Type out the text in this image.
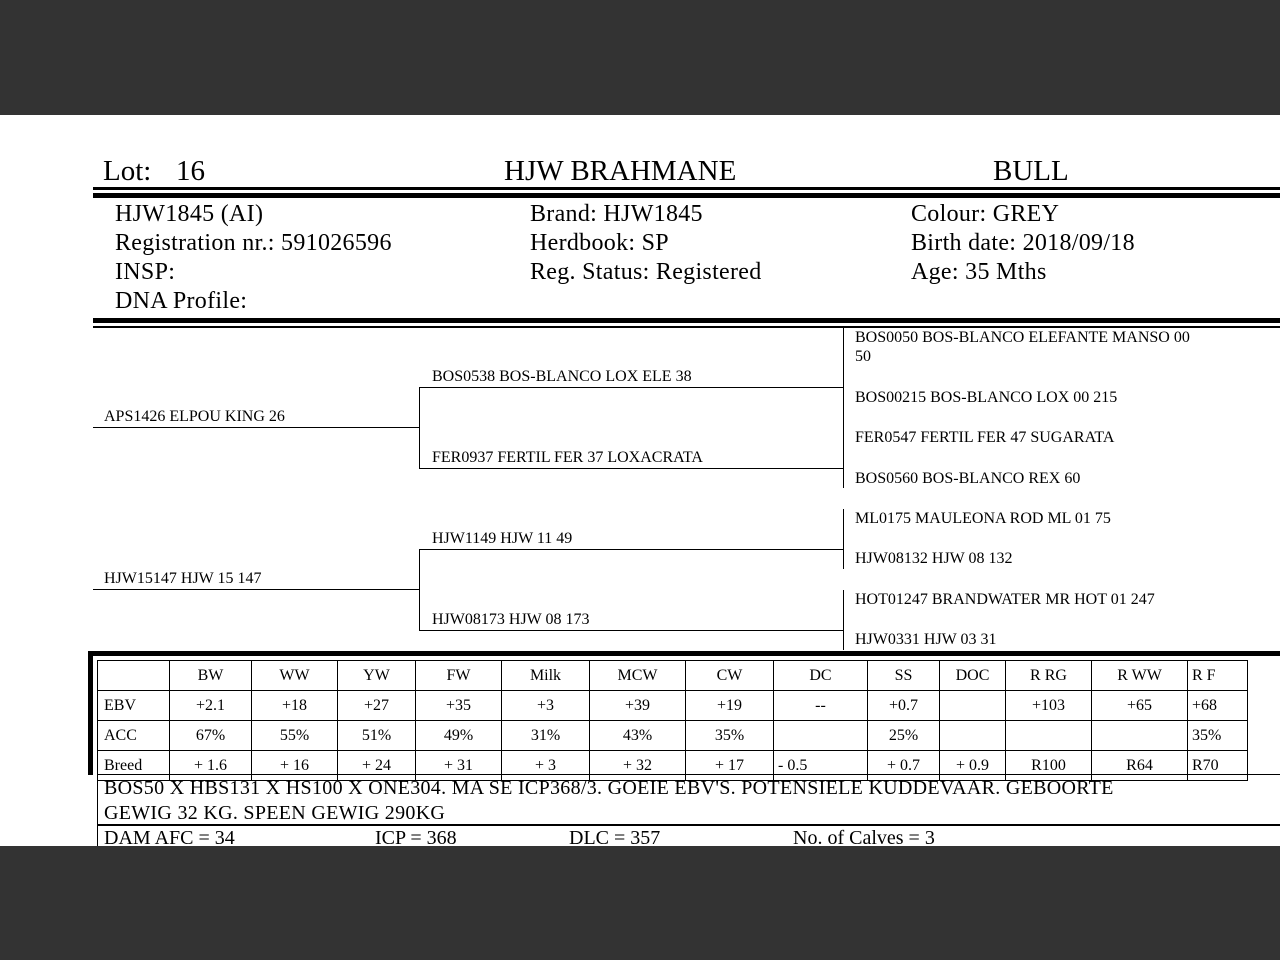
Lot: 16	HJW BRAHMANE	BULL
HJW1845 (AI)
Registration nr.: 591026596
INSP:
DNA Profile:
Brand: HJW1845
Herdbook: SP
Reg. Status: Registered
Colour: GREY
Birth date: 2018/09/18
Age: 35 Mths
APS1426 ELPOU KING 26
HJW15147 HJW 15 147
BOS0538 BOS-BLANCO LOX ELE 38
FER0937 FERTIL FER 37 LOXACRATA
HJW1149 HJW 11 49
HJW08173 HJW 08 173
BOS0050 BOS-BLANCO ELEFANTE MANSO 00
50
BOS00215 BOS-BLANCO LOX 00 215
FER0547 FERTIL FER 47 SUGARATA
BOS0560 BOS-BLANCO REX 60
ML0175 MAULEONA ROD ML 01 75
HJW08132 HJW 08 132
HOT01247 BRANDWATER MR HOT 01 247
HJW0331 HJW 03 31
	BW	WW	YW	FW	Milk	MCW	CW	DC	SS	DOC	R RG	R WW	R F
EBV	+2.1	+18	+27	+35	+3	+39	+19	--	+0.7		+103	+65	+68
ACC	67%	55%	51%	49%	31%	43%	35%		25%				35%
Breed	+ 1.6	+ 16	+ 24	+ 31	+ 3	+ 32	+ 17	- 0.5	+ 0.7	+ 0.9	R100	R64	R70
BOS50 X HBS131 X HS100 X ONE304. MA SE ICP368/3. GOEIE EBV'S. POTENSIELE KUDDEVAAR. GEBOORTE
GEWIG 32 KG. SPEEN GEWIG 290KG
DAM AFC = 34	ICP = 368	DLC = 357	No. of Calves = 3
